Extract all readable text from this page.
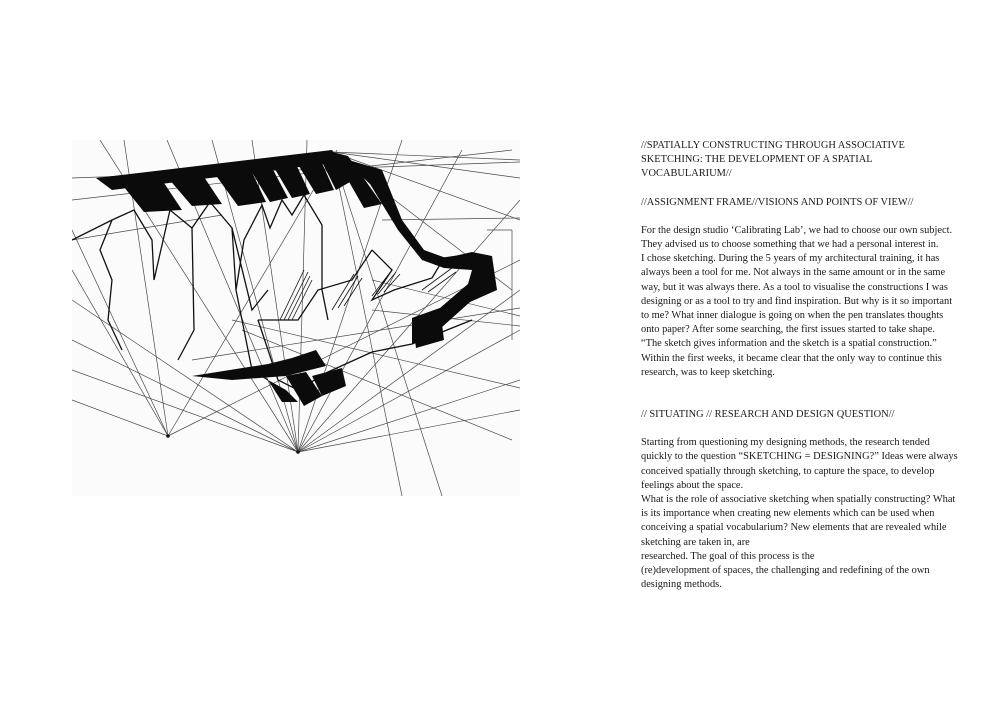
//SPATIALLY CONSTRUCTING THROUGH ASSOCIATIVE SKETCHING: THE DEVELOPMENT OF A SPATIAL VOCABULARIUM//

//ASSIGNMENT FRAME//VISIONS AND POINTS OF VIEW//

For the design studio ‘Calibrating Lab’, we had to choose our own subject. They advised us to choose something that we had a personal interest in.
I chose sketching. During the 5 years of my architectural training, it has always been a tool for me. Not always in the same amount or in the same way, but it was always there. As a tool to visualise the constructions I was designing or as a tool to try and find inspiration. But why is it so important to me? What inner dialogue is going on when the pen translates thoughts onto paper? After some searching, the first issues started to take shape.
“The sketch gives information and the sketch is a spatial construction.”
Within the first weeks, it became clear that the only way to continue this research, was to keep sketching.

// SITUATING // RESEARCH AND DESIGN QUESTION//

Starting from questioning my designing methods, the research tended quickly to the question “SKETCHING = DESIGNING?” Ideas were always conceived spatially through sketching, to capture the space, to develop feelings about the space.
What is the role of associative sketching when spatially constructing? What is its importance when creating new elements which can be used when conceiving a spatial vocabularium? New elements that are revealed while sketching are taken in, are
researched. The goal of this process is the
(re)development of spaces, the challenging and redefining of the own designing methods.
